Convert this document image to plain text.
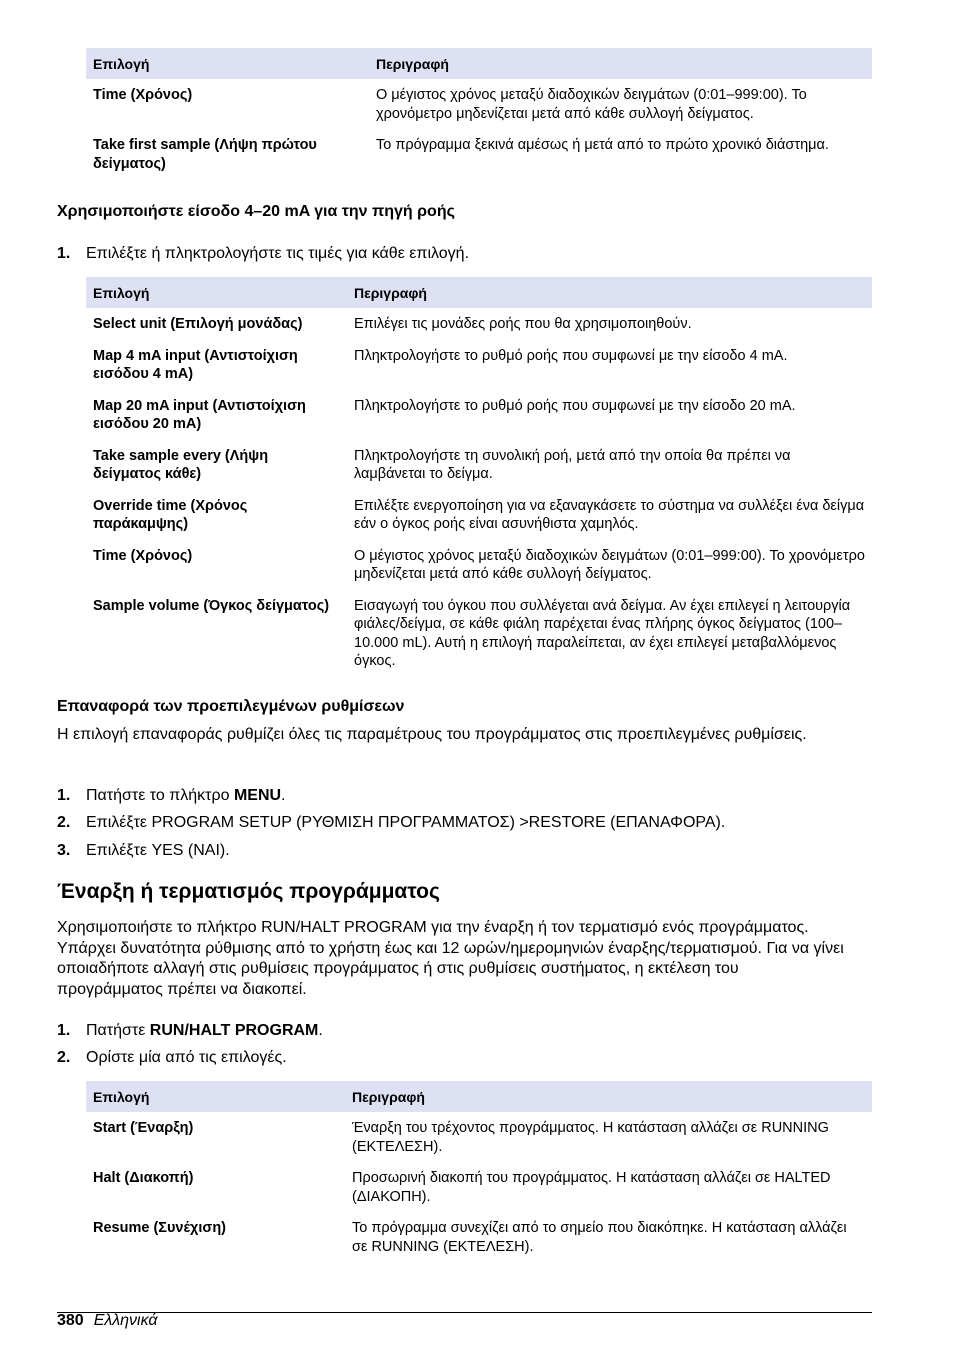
Επιλογή	Περιγραφή
Time (Χρόνος)	Ο μέγιστος χρόνος μεταξύ διαδοχικών δειγμάτων (0:01–999:00). Το χρονόμετρο μηδενίζεται μετά από κάθε συλλογή δείγματος.
Take first sample (Λήψη πρώτου δείγματος)	Το πρόγραμμα ξεκινά αμέσως ή μετά από το πρώτο χρονικό διάστημα.
Χρησιμοποιήστε είσοδο 4–20 mA για την πηγή ροής
1. Επιλέξτε ή πληκτρολογήστε τις τιμές για κάθε επιλογή.
Επιλογή	Περιγραφή
Select unit (Επιλογή μονάδας)	Επιλέγει τις μονάδες ροής που θα χρησιμοποιηθούν.
Map 4 mA input (Αντιστοίχιση εισόδου 4 mA)	Πληκτρολογήστε το ρυθμό ροής που συμφωνεί με την είσοδο 4 mA.
Map 20 mA input (Αντιστοίχιση εισόδου 20 mA)	Πληκτρολογήστε το ρυθμό ροής που συμφωνεί με την είσοδο 20 mA.
Take sample every (Λήψη δείγματος κάθε)	Πληκτρολογήστε τη συνολική ροή, μετά από την οποία θα πρέπει να λαμβάνεται το δείγμα.
Override time (Χρόνος παράκαμψης)	Επιλέξτε ενεργοποίηση για να εξαναγκάσετε το σύστημα να συλλέξει ένα δείγμα εάν ο όγκος ροής είναι ασυνήθιστα χαμηλός.
Time (Χρόνος)	Ο μέγιστος χρόνος μεταξύ διαδοχικών δειγμάτων (0:01–999:00). Το χρονόμετρο μηδενίζεται μετά από κάθε συλλογή δείγματος.
Sample volume (Όγκος δείγματος)	Εισαγωγή του όγκου που συλλέγεται ανά δείγμα. Αν έχει επιλεγεί η λειτουργία φιάλες/δείγμα, σε κάθε φιάλη παρέχεται ένας πλήρης όγκος δείγματος (100–10.000 mL). Αυτή η επιλογή παραλείπεται, αν έχει επιλεγεί μεταβαλλόμενος όγκος.
Επαναφορά των προεπιλεγμένων ρυθμίσεων
Η επιλογή επαναφοράς ρυθμίζει όλες τις παραμέτρους του προγράμματος στις προεπιλεγμένες ρυθμίσεις.
1. Πατήστε το πλήκτρο MENU.
2. Επιλέξτε PROGRAM SETUP (ΡΥΘΜΙΣΗ ΠΡΟΓΡΑΜΜΑΤΟΣ) >RESTORE (ΕΠΑΝΑΦΟΡΑ).
3. Επιλέξτε YES (ΝΑΙ).
Έναρξη ή τερματισμός προγράμματος
Χρησιμοποιήστε το πλήκτρο RUN/HALT PROGRAM για την έναρξη ή τον τερματισμό ενός προγράμματος. Υπάρχει δυνατότητα ρύθμισης από το χρήστη έως και 12 ωρών/ημερομηνιών έναρξης/τερματισμού. Για να γίνει οποιαδήποτε αλλαγή στις ρυθμίσεις προγράμματος ή στις ρυθμίσεις συστήματος, η εκτέλεση του προγράμματος πρέπει να διακοπεί.
1. Πατήστε RUN/HALT PROGRAM.
2. Ορίστε μία από τις επιλογές.
Επιλογή	Περιγραφή
Start (Έναρξη)	Έναρξη του τρέχοντος προγράμματος. Η κατάσταση αλλάζει σε RUNNING (ΕΚΤΕΛΕΣΗ).
Halt (Διακοπή)	Προσωρινή διακοπή του προγράμματος. Η κατάσταση αλλάζει σε HALTED (ΔΙΑΚΟΠΗ).
Resume (Συνέχιση)	Το πρόγραμμα συνεχίζει από το σημείο που διακόπηκε. Η κατάσταση αλλάζει σε RUNNING (ΕΚΤΕΛΕΣΗ).
380 Ελληνικά
